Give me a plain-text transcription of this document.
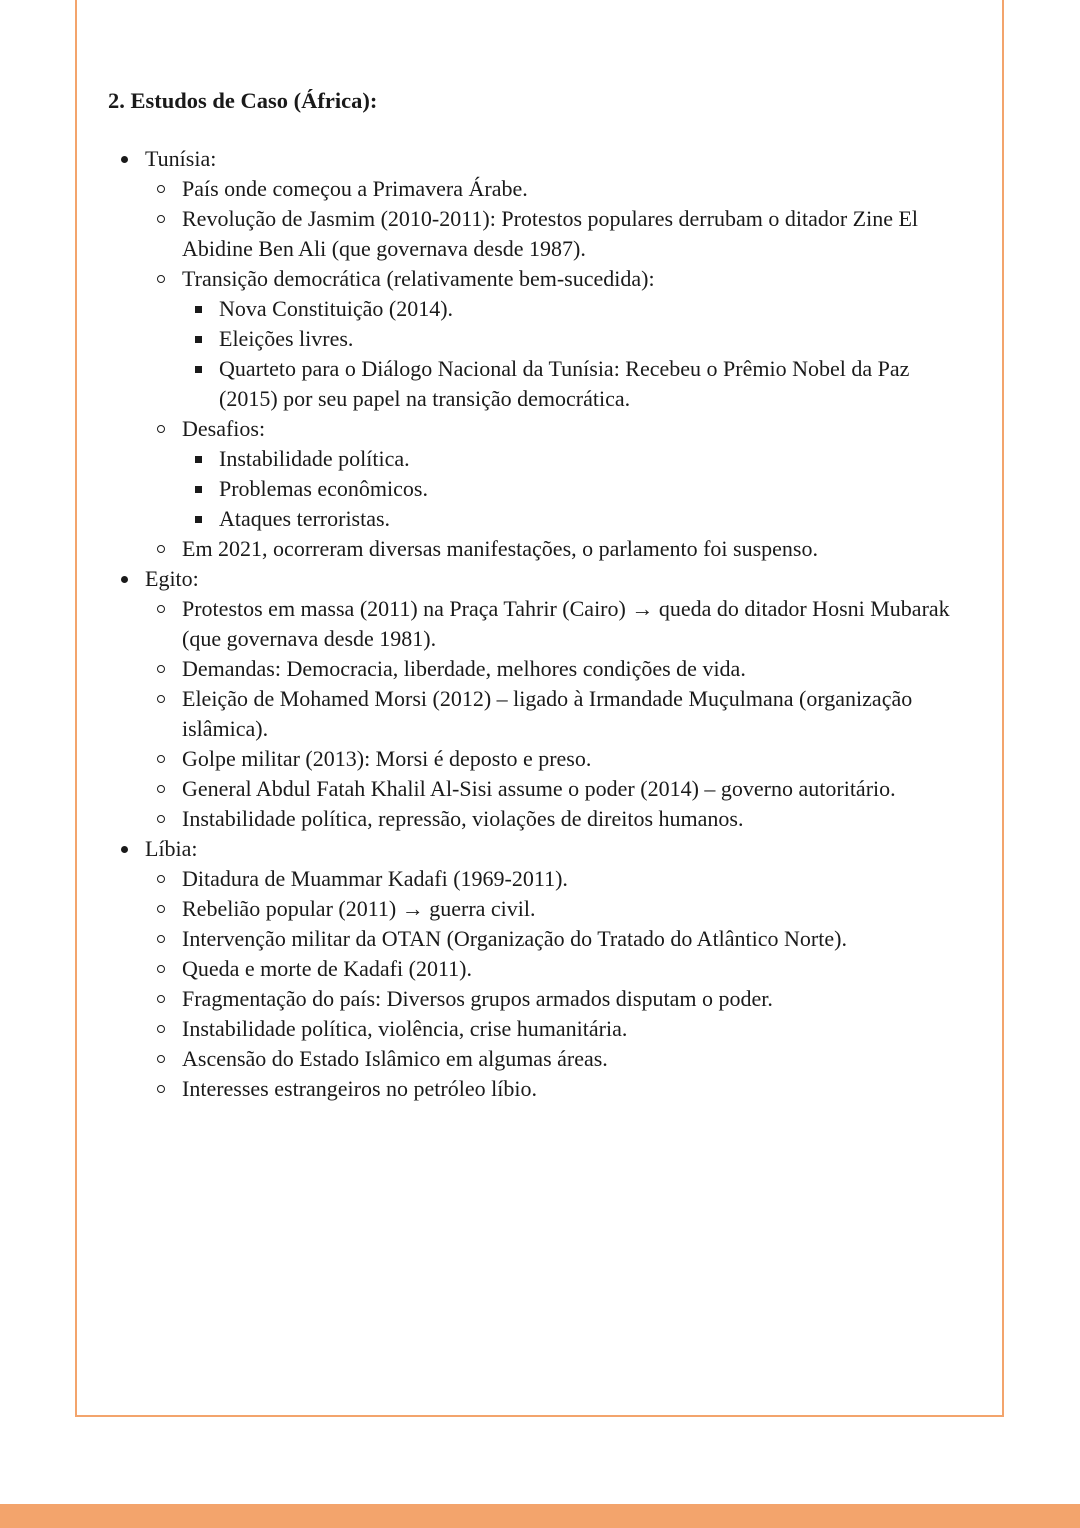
2. Estudos de Caso (África):
Tunísia:
País onde começou a Primavera Árabe.
Revolução de Jasmim (2010-2011): Protestos populares derrubam o ditador Zine El Abidine Ben Ali (que governava desde 1987).
Transição democrática (relativamente bem-sucedida):
Nova Constituição (2014).
Eleições livres.
Quarteto para o Diálogo Nacional da Tunísia: Recebeu o Prêmio Nobel da Paz (2015) por seu papel na transição democrática.
Desafios:
Instabilidade política.
Problemas econômicos.
Ataques terroristas.
Em 2021, ocorreram diversas manifestações, o parlamento foi suspenso.
Egito:
Protestos em massa (2011) na Praça Tahrir (Cairo) → queda do ditador Hosni Mubarak (que governava desde 1981).
Demandas: Democracia, liberdade, melhores condições de vida.
Eleição de Mohamed Morsi (2012) – ligado à Irmandade Muçulmana (organização islâmica).
Golpe militar (2013): Morsi é deposto e preso.
General Abdul Fatah Khalil Al-Sisi assume o poder (2014) – governo autoritário.
Instabilidade política, repressão, violações de direitos humanos.
Líbia:
Ditadura de Muammar Kadafi (1969-2011).
Rebelião popular (2011) → guerra civil.
Intervenção militar da OTAN (Organização do Tratado do Atlântico Norte).
Queda e morte de Kadafi (2011).
Fragmentação do país: Diversos grupos armados disputam o poder.
Instabilidade política, violência, crise humanitária.
Ascensão do Estado Islâmico em algumas áreas.
Interesses estrangeiros no petróleo líbio.
